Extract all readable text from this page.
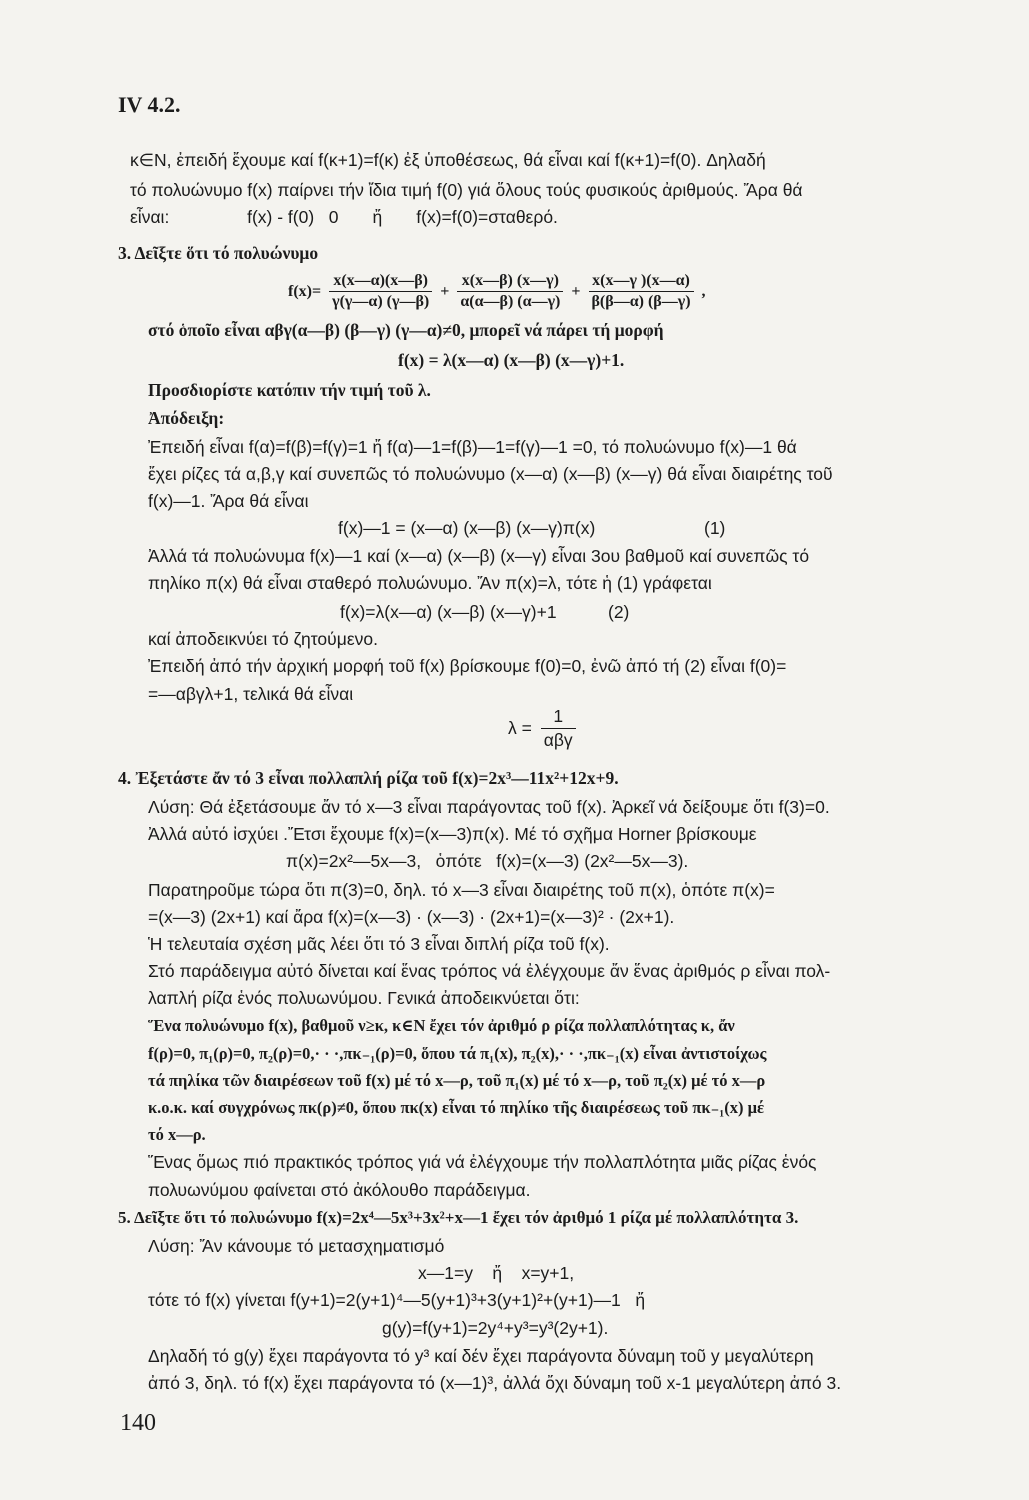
IV 4.2.
κ∈N, ἐπειδή ἔχουμε καί f(κ+1)=f(κ) ἐξ ὑποθέσεως, θά εἶναι καί f(κ+1)=f(0). Δηλαδή
τό πολυώνυμο f(x) παίρνει τήν ἴδια τιμή f(0) γιά ὅλους τούς φυσικούς ἀριθμούς. Ἄρα θά
εἶναι:                f(x) - f(0)   0       ἤ       f(x)=f(0)=σταθερό.
3. Δεῖξτε ὅτι τό πολυώνυμο
$f(x)= \frac{x(x—\alpha)(x—\beta)}{\gamma(\gamma—\alpha) (\gamma—\beta)} + \frac{x(x—\beta) (x—\gamma)}{\alpha(\alpha—\beta) (\alpha—\gamma)} + \frac{x(x—\gamma )(x—\alpha)}{\beta(\beta—\alpha) (\beta—\gamma)}$ ,
στό ὁποῖο εἶναι αβγ(α—β) (β—γ) (γ—α)≠0, μπορεῖ νά πάρει τή μορφή
f(x) = λ(x—α) (x—β) (x—γ)+1.
Προσδιορίστε κατόπιν τήν τιμή τοῦ λ.
Ἀπόδειξη:
Ἐπειδή εἶναι f(α)=f(β)=f(γ)=1 ἤ f(α)—1=f(β)—1=f(γ)—1 =0, τό πολυώνυμο f(x)—1 θά
ἔχει ρίζες τά α,β,γ καί συνεπῶς τό πολυώνυμο (x—α) (x—β) (x—γ) θά εἶναι διαιρέτης τοῦ
f(x)—1. Ἄρα θά εἶναι
f(x)—1 = (x—α) (x—β) (x—γ)π(x)	(1)
Ἀλλά τά πολυώνυμα f(x)—1 καί (x—α) (x—β) (x—γ) εἶναι 3ου βαθμοῦ καί συνεπῶς τό
πηλίκο π(x) θά εἶναι σταθερό πολυώνυμο. Ἄν π(x)=λ, τότε ἡ (1) γράφεται
f(x)=λ(x—α) (x—β) (x—γ)+1	(2)
καί ἀποδεικνύει τό ζητούμενο.
Ἐπειδή ἀπό τήν ἀρχική μορφή τοῦ f(x) βρίσκουμε f(0)=0, ἐνῶ ἀπό τή (2) εἶναι f(0)=
=—αβγλ+1, τελικά θά εἶναι
$\lambda = \frac{1}{\text{αβγ}}$
4. Ἐξετάστε ἄν τό 3 εἶναι πολλαπλή ρίζα τοῦ f(x)=2x³—11x²+12x+9.
Λύση: Θά ἐξετάσουμε ἄν τό x—3 εἶναι παράγοντας τοῦ f(x). Ἀρκεῖ νά δείξουμε ὅτι f(3)=0.
Ἀλλά αὐτό ἰσχύει .Ἔτσι ἔχουμε f(x)=(x—3)π(x). Μέ τό σχῆμα Horner βρίσκουμε
π(x)=2x²—5x—3,   ὁπότε   f(x)=(x—3) (2x²—5x—3).
Παρατηροῦμε τώρα ὅτι π(3)=0, δηλ. τό x—3 εἶναι διαιρέτης τοῦ π(x), ὁπότε π(x)=
=(x—3) (2x+1) καί ἄρα f(x)=(x—3) · (x—3) · (2x+1)=(x—3)² · (2x+1).
Ἡ τελευταία σχέση μᾶς λέει ὅτι τό 3 εἶναι διπλή ρίζα τοῦ f(x).
Στό παράδειγμα αὐτό δίνεται καί ἕνας τρόπος νά ἐλέγχουμε ἄν ἕνας ἀριθμός ρ εἶναι πολ-
λαπλή ρίζα ἑνός πολυωνύμου. Γενικά ἀποδεικνύεται ὅτι:
Ἕνα πολυώνυμο f(x), βαθμοῦ ν≥κ, κ∈N ἔχει τόν ἀριθμό ρ ρίζα πολλαπλότητας κ, ἄν
f(ρ)=0, π₁(ρ)=0, π₂(ρ)=0,· · ·,πκ₋₁(ρ)=0, ὅπου τά π₁(x), π₂(x),· · ·,πκ₋₁(x) εἶναι ἀντιστοίχως
τά πηλίκα τῶν διαιρέσεων τοῦ f(x) μέ τό x—ρ, τοῦ π₁(x) μέ τό x—ρ, τοῦ π₂(x) μέ τό x—ρ
κ.ο.κ. καί συγχρόνως πκ(ρ)≠0, ὅπου πκ(x) εἶναι τό πηλίκο τῆς διαιρέσεως τοῦ πκ₋₁(x) μέ
τό x—ρ.
Ἕνας ὅμως πιό πρακτικός τρόπος γιά νά ἐλέγχουμε τήν πολλαπλότητα μιᾶς ρίζας ἑνός
πολυωνύμου φαίνεται στό ἀκόλουθο παράδειγμα.
5. Δεῖξτε ὅτι τό πολυώνυμο f(x)=2x⁴—5x³+3x²+x—1 ἔχει τόν ἀριθμό 1 ρίζα μέ πολλαπλότητα 3.
Λύση: Ἄν κάνουμε τό μετασχηματισμό
x—1=y    ἤ    x=y+1,
τότε τό f(x) γίνεται f(y+1)=2(y+1)⁴—5(y+1)³+3(y+1)²+(y+1)—1   ἤ
g(y)=f(y+1)=2y⁴+y³=y³(2y+1).
Δηλαδή τό g(y) ἔχει παράγοντα τό y³ καί δέν ἔχει παράγοντα δύναμη τοῦ y μεγαλύτερη
ἀπό 3, δηλ. τό f(x) ἔχει παράγοντα τό (x—1)³, ἀλλά ὄχι δύναμη τοῦ x-1 μεγαλύτερη ἀπό 3.
140
